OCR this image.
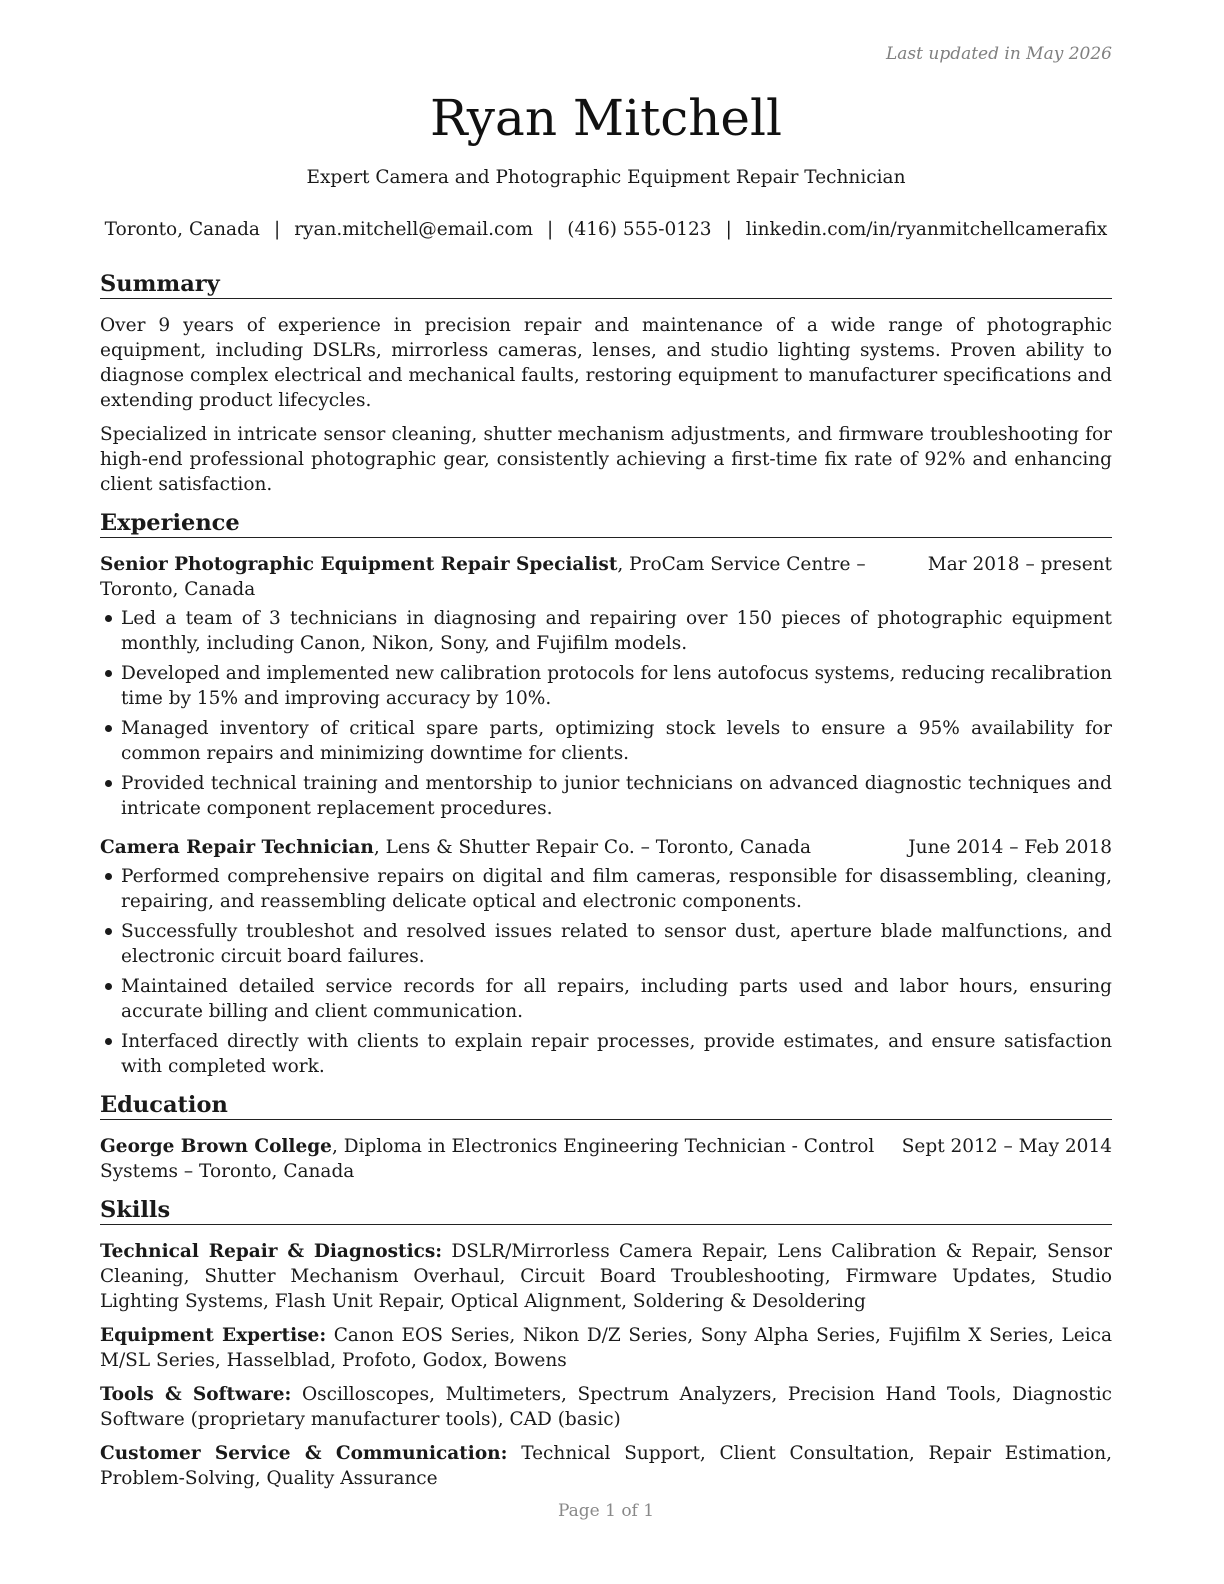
Last updated in May 2026
Ryan Mitchell
Expert Camera and Photographic Equipment Repair Technician
Toronto, Canada | ryan.mitchell@email.com | (416) 555-0123 | linkedin.com/in/ryanmitchellcamerafix
Summary

Over 9 years of experience in precision repair and maintenance of a wide range of photographic equipment, including DSLRs, mirrorless cameras, lenses, and studio lighting systems. Proven ability to diagnose complex electrical and mechanical faults, restoring equipment to manufacturer specifications and extending product lifecycles.

Specialized in intricate sensor cleaning, shutter mechanism adjustments, and firmware troubleshooting for high-end professional photographic gear, consistently achieving a first-time fix rate of 92% and enhancing client satisfaction.

Experience
Senior Photographic Equipment Repair Specialist, ProCam Service Centre – Toronto, Canada
Mar 2018 – present
Led a team of 3 technicians in diagnosing and repairing over 150 pieces of photographic equipment monthly, including Canon, Nikon, Sony, and Fujifilm models.
Developed and implemented new calibration protocols for lens autofocus systems, reducing recalibration time by 15% and improving accuracy by 10%.
Managed inventory of critical spare parts, optimizing stock levels to ensure a 95% availability for common repairs and minimizing downtime for clients.
Provided technical training and mentorship to junior technicians on advanced diagnostic techniques and intricate component replacement procedures.
Camera Repair Technician, Lens & Shutter Repair Co. – Toronto, Canada	June 2014 – Feb 2018
Performed comprehensive repairs on digital and film cameras, responsible for disassembling, cleaning, repairing, and reassembling delicate optical and electronic components.
Successfully troubleshot and resolved issues related to sensor dust, aperture blade malfunctions, and electronic circuit board failures.
Maintained detailed service records for all repairs, including parts used and labor hours, ensuring accurate billing and client communication.
Interfaced directly with clients to explain repair processes, provide estimates, and ensure satisfaction with completed work.
Education
George Brown College, Diploma in Electronics Engineering Technician - Control Systems – Toronto, Canada
Sept 2012 – May 2014
Skills
Technical Repair & Diagnostics: DSLR/Mirrorless Camera Repair, Lens Calibration & Repair, Sensor Cleaning, Shutter Mechanism Overhaul, Circuit Board Troubleshooting, Firmware Updates, Studio Lighting Systems, Flash Unit Repair, Optical Alignment, Soldering & Desoldering
Equipment Expertise: Canon EOS Series, Nikon D/Z Series, Sony Alpha Series, Fujifilm X Series, Leica M/SL Series, Hasselblad, Profoto, Godox, Bowens
Tools & Software: Oscilloscopes, Multimeters, Spectrum Analyzers, Precision Hand Tools, Diagnostic Software (proprietary manufacturer tools), CAD (basic)
Customer Service & Communication: Technical Support, Client Consultation, Repair Estimation, Problem-Solving, Quality Assurance
Page 1 of 1
